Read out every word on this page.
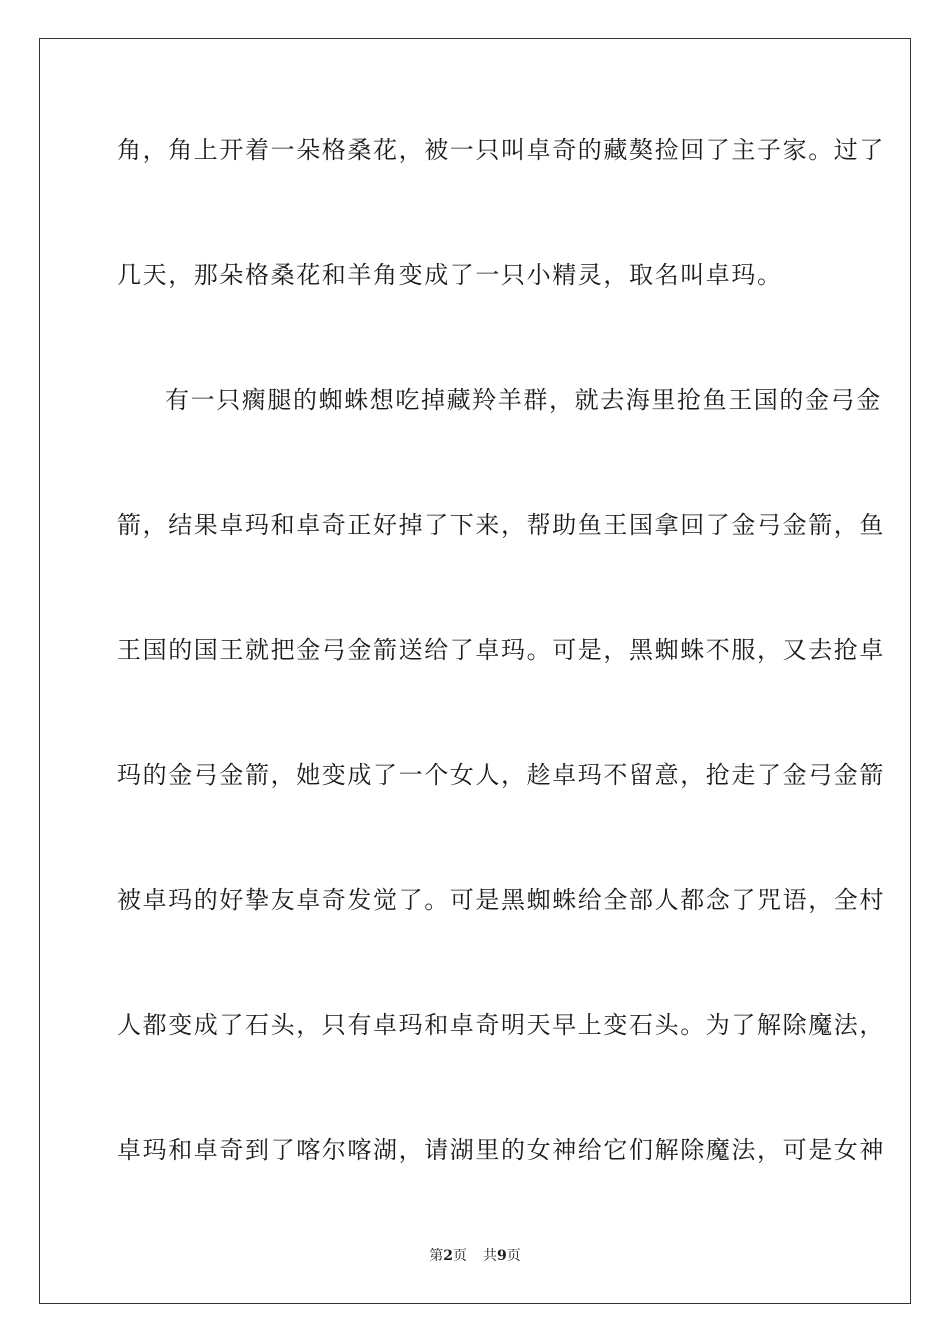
角，角上开着一朵格桑花，被一只叫卓奇的藏獒捡回了主子家。过了
几天，那朵格桑花和羊角变成了一只小精灵，取名叫卓玛。
有一只瘸腿的蜘蛛想吃掉藏羚羊群，就去海里抢鱼王国的金弓金
箭，结果卓玛和卓奇正好掉了下来，帮助鱼王国拿回了金弓金箭，鱼
王国的国王就把金弓金箭送给了卓玛。可是，黑蜘蛛不服，又去抢卓
玛的金弓金箭，她变成了一个女人，趁卓玛不留意，抢走了金弓金箭
被卓玛的好挚友卓奇发觉了。可是黑蜘蛛给全部人都念了咒语，全村
人都变成了石头，只有卓玛和卓奇明天早上变石头。为了解除魔法，
卓玛和卓奇到了喀尔喀湖，请湖里的女神给它们解除魔法，可是女神
第2页 共9页
